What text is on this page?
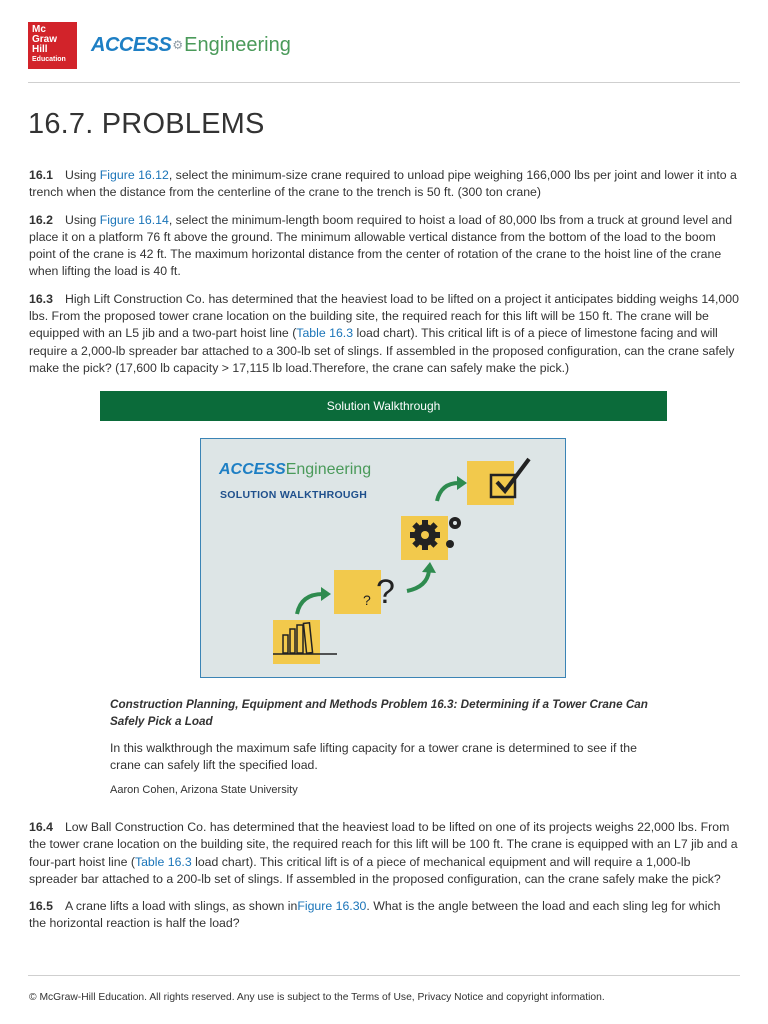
Mc
Graw
Hill
Education
ACCESS ⚙ Engineering
16.7. PROBLEMS

16.1 Using Figure 16.12, select the minimum-size crane required to unload pipe weighing 166,000 lbs per joint and lower it into a trench when the distance from the centerline of the crane to the trench is 50 ft. (300 ton crane)

16.2 Using Figure 16.14, select the minimum-length boom required to hoist a load of 80,000 lbs from a truck at ground level and place it on a platform 76 ft above the ground. The minimum allowable vertical distance from the bottom of the load to the boom point of the crane is 42 ft. The maximum horizontal distance from the center of rotation of the crane to the hoist line of the crane when lifting the load is 40 ft.

16.3 High Lift Construction Co. has determined that the heaviest load to be lifted on a project it anticipates bidding weighs 14,000 lbs. From the proposed tower crane location on the building site, the required reach for this lift will be 150 ft. The crane will be equipped with an L5 jib and a two-part hoist line (Table 16.3 load chart). This critical lift is of a piece of limestone facing and will require a 2,000-lb spreader bar attached to a 300-lb set of slings. If assembled in the proposed configuration, can the crane safely make the pick? (17,600 lb capacity > 17,115 lb load.Therefore, the crane can safely make the pick.)

Solution Walkthrough
ACCESSEngineering
SOLUTION WALKTHROUGH
?
?
Construction Planning, Equipment and Methods Problem 16.3: Determining if a Tower Crane Can Safely Pick a Load
In this walkthrough the maximum safe lifting capacity for a tower crane is determined to see if the crane can safely lift the specified load.
Aaron Cohen, Arizona State University

16.4 Low Ball Construction Co. has determined that the heaviest load to be lifted on one of its projects weighs 22,000 lbs. From the tower crane location on the building site, the required reach for this lift will be 100 ft. The crane is equipped with an L7 jib and a four-part hoist line (Table 16.3 load chart). This critical lift is of a piece of mechanical equipment and will require a 1,000-lb spreader bar attached to a 200-lb set of slings. If assembled in the proposed configuration, can the crane safely make the pick?

16.5 A crane lifts a load with slings, as shown inFigure 16.30. What is the angle between the load and each sling leg for which the horizontal reaction is half the load?

© McGraw-Hill Education. All rights reserved. Any use is subject to the Terms of Use, Privacy Notice and copyright information.
